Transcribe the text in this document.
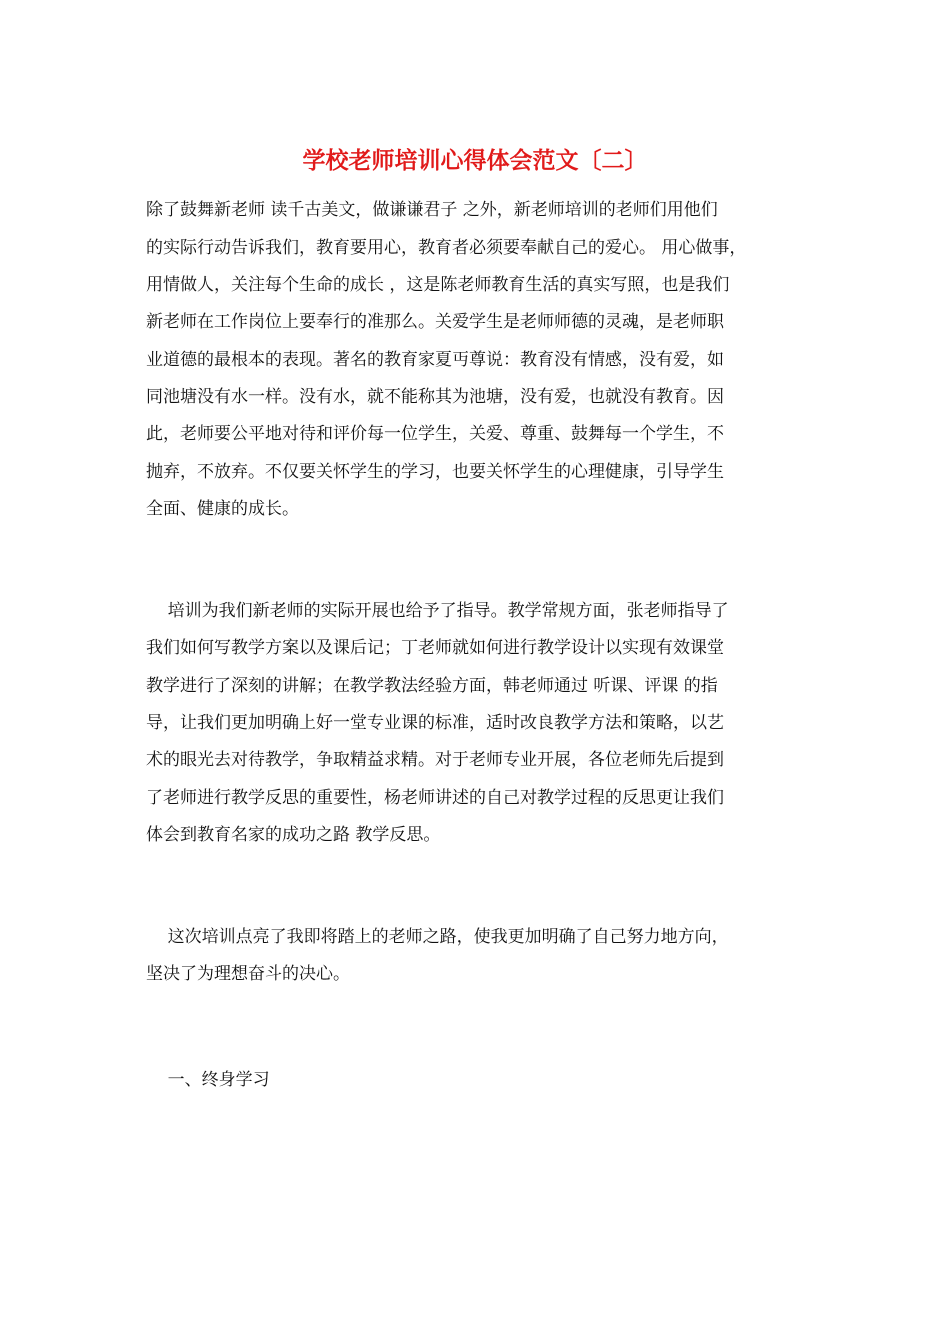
学校老师培训心得体会范文〔二〕

除了鼓舞新老师 读千古美文，做谦谦君子 之外，新老师培训的老师们用他们

的实际行动告诉我们，教育要用心，教育者必须要奉献自己的爱心。 用心做事，

用情做人，关注每个生命的成长 ，这是陈老师教育生活的真实写照，也是我们

新老师在工作岗位上要奉行的准那么。关爱学生是老师师德的灵魂，是老师职

业道德的最根本的表现。著名的教育家夏丏尊说：教育没有情感，没有爱，如

同池塘没有水一样。没有水，就不能称其为池塘，没有爱，也就没有教育。因

此，老师要公平地对待和评价每一位学生，关爱、尊重、鼓舞每一个学生，不

抛弃，不放弃。不仅要关怀学生的学习，也要关怀学生的心理健康，引导学生

全面、健康的成长。

培训为我们新老师的实际开展也给予了指导。教学常规方面，张老师指导了

我们如何写教学方案以及课后记；丁老师就如何进行教学设计以实现有效课堂

教学进行了深刻的讲解；在教学教法经验方面，韩老师通过 听课、评课 的指

导，让我们更加明确上好一堂专业课的标准，适时改良教学方法和策略，以艺

术的眼光去对待教学，争取精益求精。对于老师专业开展，各位老师先后提到

了老师进行教学反思的重要性，杨老师讲述的自己对教学过程的反思更让我们

体会到教育名家的成功之路 教学反思。

这次培训点亮了我即将踏上的老师之路，使我更加明确了自己努力地方向，

坚决了为理想奋斗的决心。

一、终身学习
